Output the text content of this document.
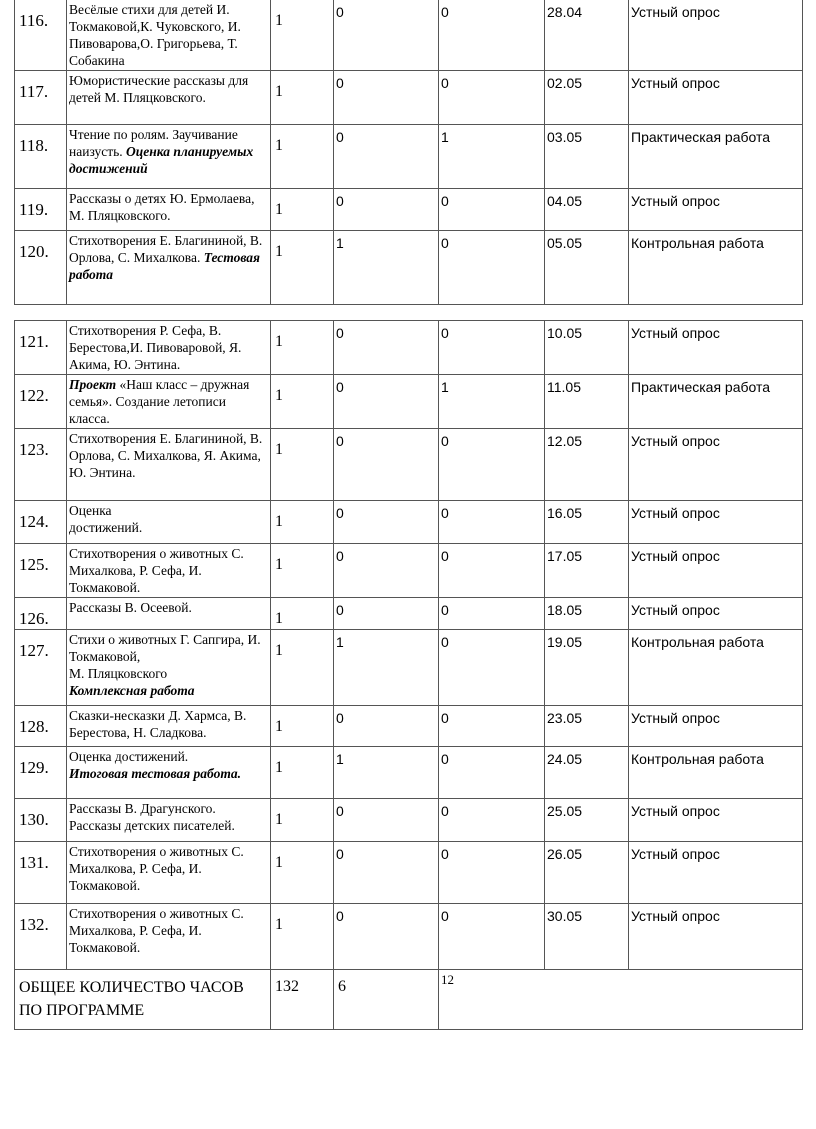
116.	Весёлые стихи для детей И. Токмаковой,К. Чуковского, И. Пивоварова,О. Григорьева, Т. Собакина	1	0	0	28.04	Устный опрос
117.	Юмористические рассказы для детей М. Пляцковского.	1	0	0	02.05	Устный опрос
118.	Чтение по ролям. Заучивание наизусть. Оценка планируемых достижений	1	0	1	03.05	Практическая работа
119.	Рассказы о детях Ю. Ермолаева, М. Пляцковского.	1	0	0	04.05	Устный опрос
120.	Стихотворения Е. Благининой, В. Орлова, С. Михалкова. Тестовая
работа	1	1	0	05.05	Контрольная работа
121.	Стихотворения Р. Сефа, В. Берестова,И. Пивоваровой, Я. Акима, Ю. Энтина.	1	0	0	10.05	Устный опрос
122.	Проект «Наш класс – дружная семья». Создание летописи класса.	1	0	1	11.05	Практическая работа
123.	Стихотворения Е. Благининой, В. Орлова, С. Михалкова, Я. Акима, Ю. Энтина.	1	0	0	12.05	Устный опрос
124.	Оценка
достижений.	1	0	0	16.05	Устный опрос
125.	Стихотворения о животных С. Михалкова, Р. Сефа, И. Токмаковой.	1	0	0	17.05	Устный опрос
126.	Рассказы В. Осеевой.	1	0	0	18.05	Устный опрос
127.	Стихи о животных Г. Сапгира, И. Токмаковой,
М. Пляцковского
Комплексная работа	1	1	0	19.05	Контрольная работа
128.	Сказки-несказки Д. Хармса, В. Берестова, Н. Сладкова.	1	0	0	23.05	Устный опрос
129.	Оценка достижений.
Итоговая тестовая работа.	1	1	0	24.05	Контрольная работа
130.	Рассказы В. Драгунского. Рассказы детских писателей.	1	0	0	25.05	Устный опрос
131.	Стихотворения о животных С. Михалкова, Р. Сефа, И. Токмаковой.	1	0	0	26.05	Устный опрос
132.	Стихотворения о животных С. Михалкова, Р. Сефа, И. Токмаковой.	1	0	0	30.05	Устный опрос
ОБЩЕЕ КОЛИЧЕСТВО ЧАСОВ ПО ПРОГРАММЕ		132	6	12		
